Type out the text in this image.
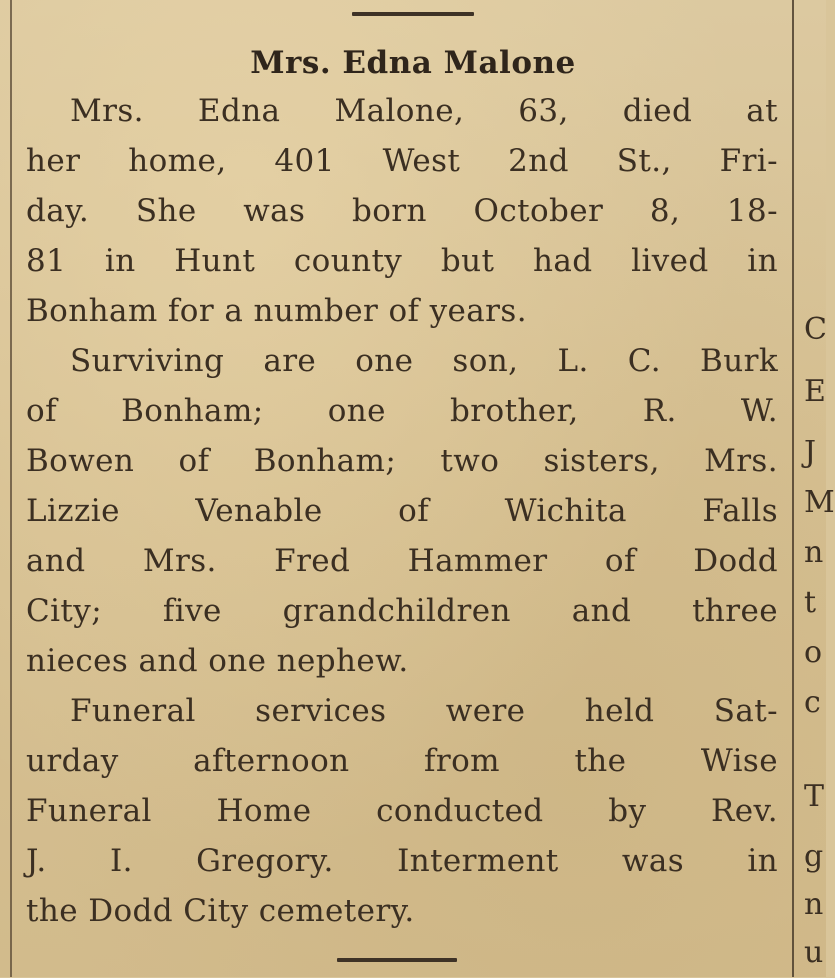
Mrs. Edna Malone
Mrs. Edna Malone, 63, died at
her home, 401 West 2nd St., Fri-
day. She was born October 8, 18-
81 in Hunt county but had lived in
Bonham for a number of years.
Surviving are one son, L. C. Burk
of Bonham; one brother, R. W.
Bowen of Bonham; two sisters, Mrs.
Lizzie Venable of Wichita Falls
and Mrs. Fred Hammer of Dodd
City; five grandchildren and three
nieces and one nephew.
Funeral services were held Sat-
urday afternoon from the Wise
Funeral Home conducted by Rev.
J. I. Gregory. Interment was in
the Dodd City cemetery.
C
E
J
M
n
t
o
c
T
g
n
u
